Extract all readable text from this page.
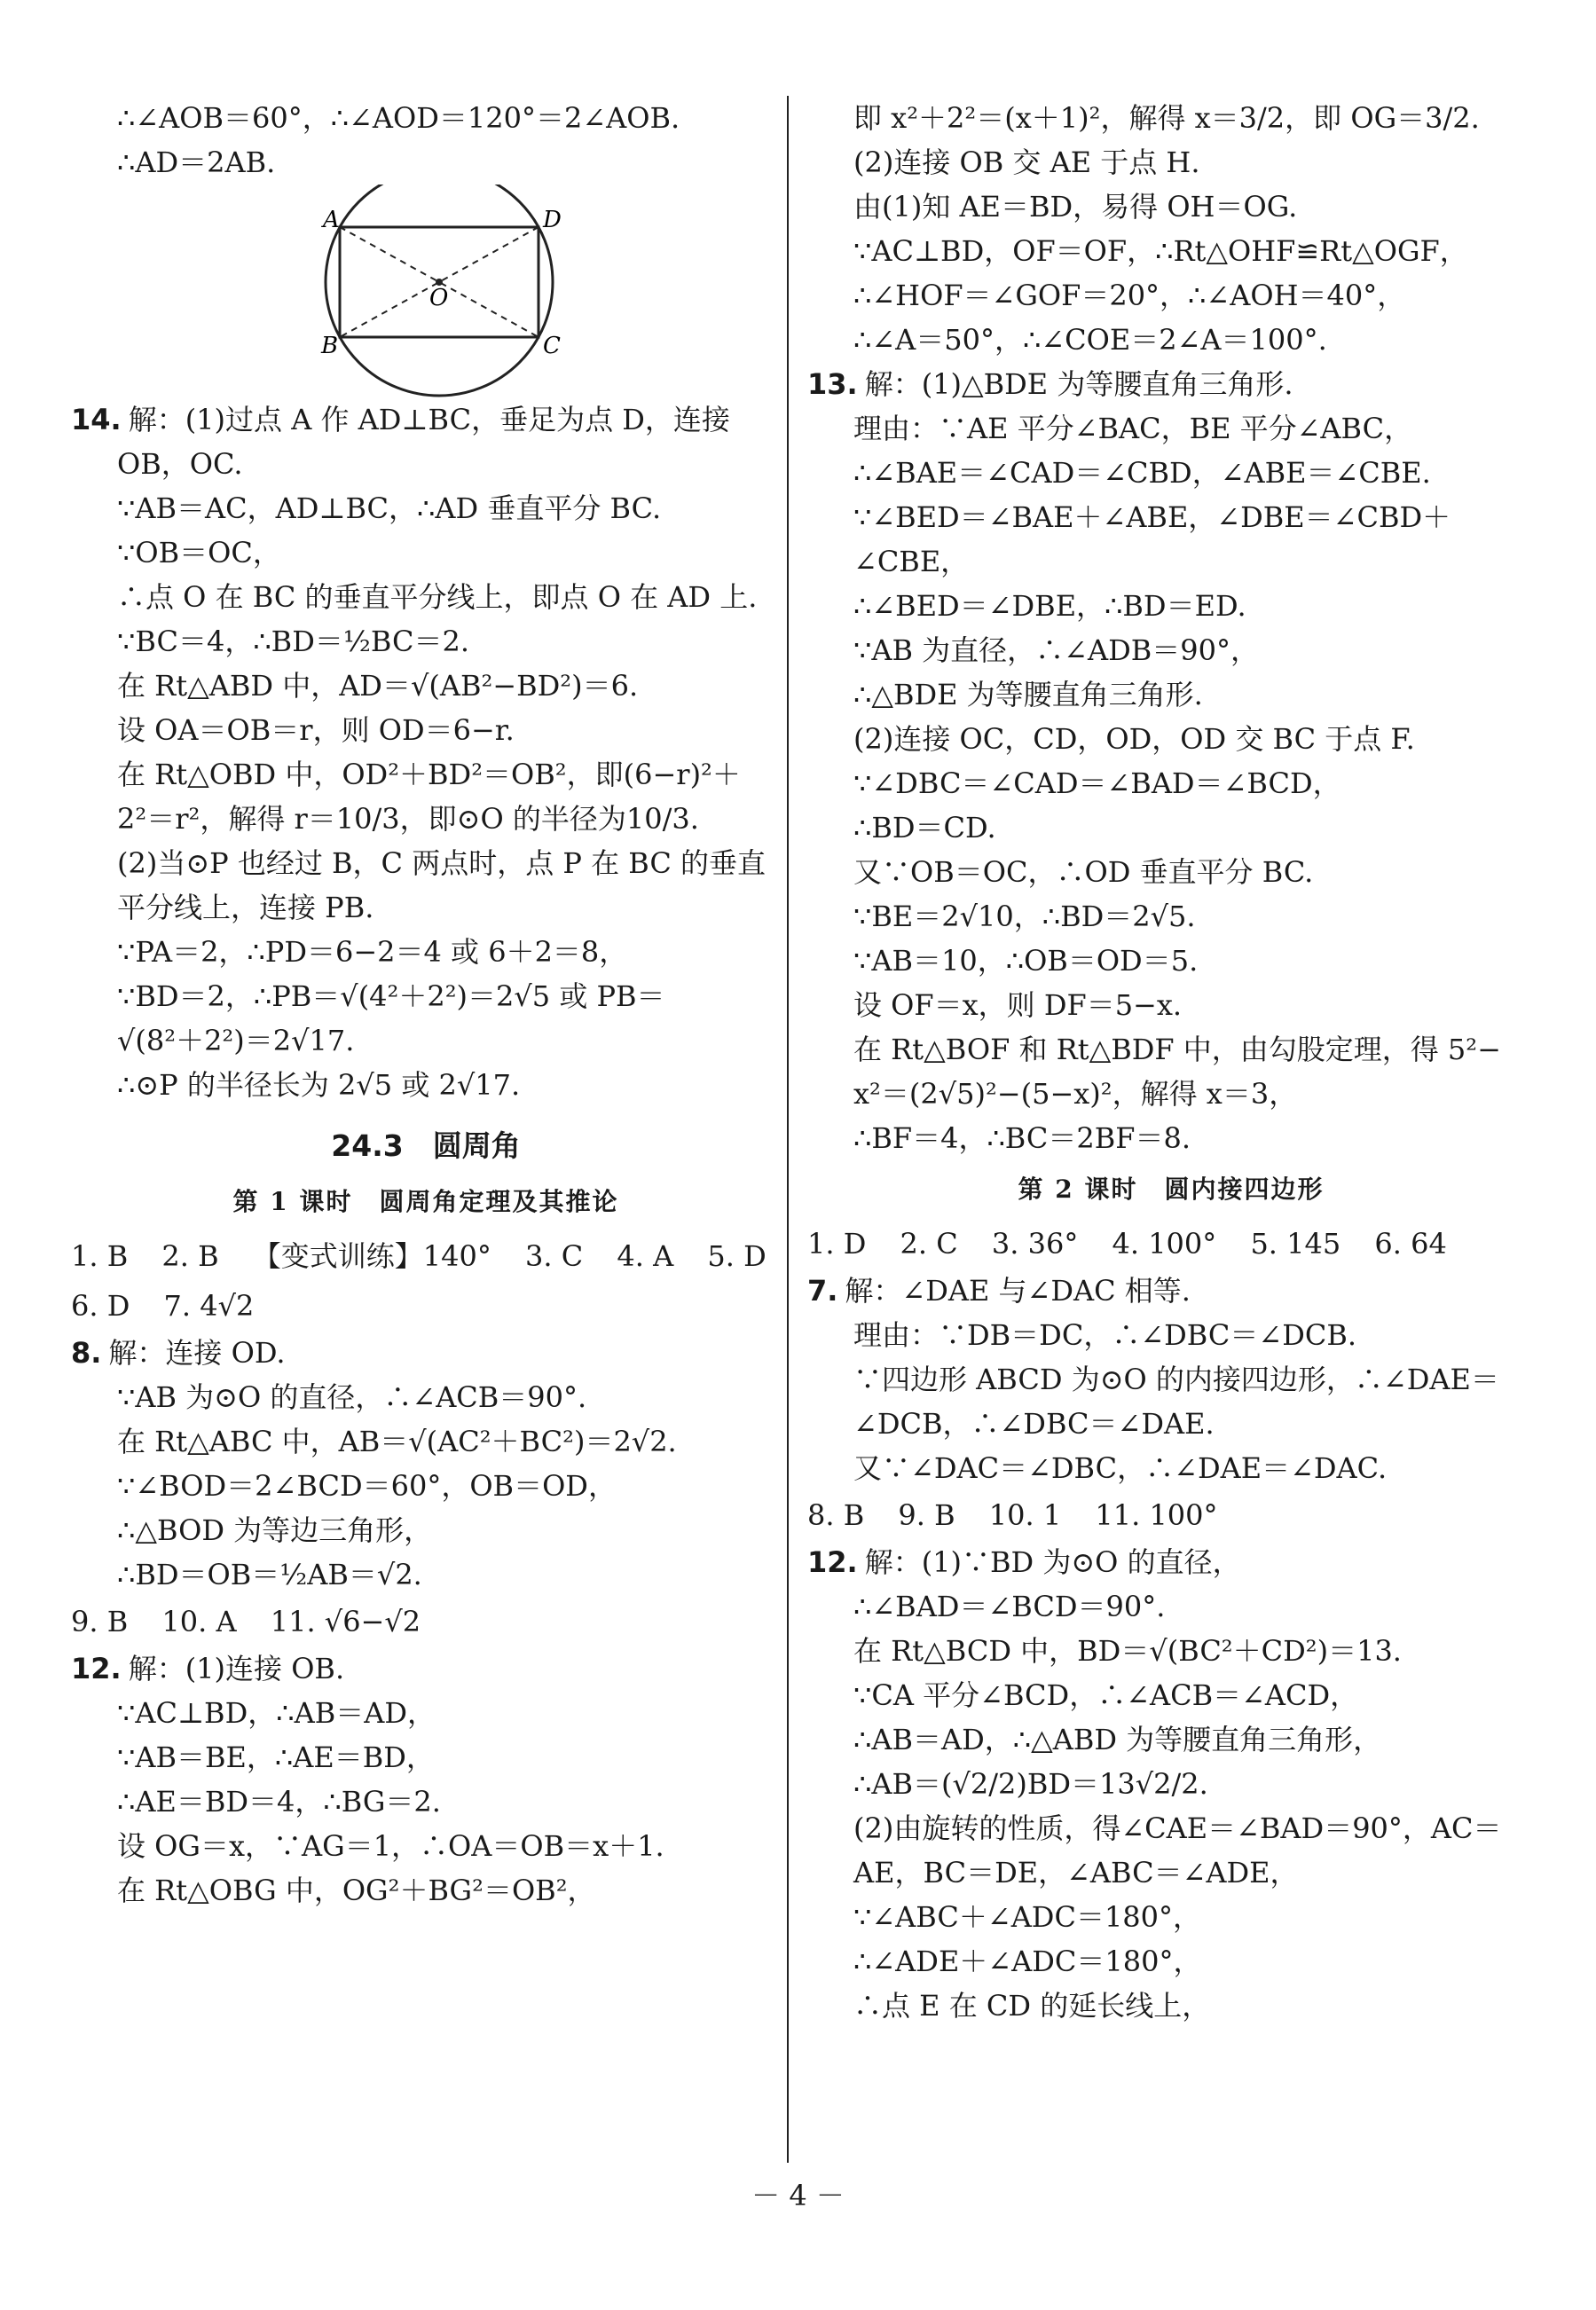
∴∠AOB＝60°，∴∠AOD＝120°＝2∠AOB.
∴AD＝2AB.
A	D
O
B	C
14. 解：(1)过点 A 作 AD⊥BC，垂足为点 D，连接
OB，OC.
∵AB＝AC，AD⊥BC，∴AD 垂直平分 BC.
∵OB＝OC，
∴点 O 在 BC 的垂直平分线上，即点 O 在 AD 上.
∵BC＝4，∴BD＝½BC＝2.
在 Rt△ABD 中，AD＝√(AB²−BD²)＝6.
设 OA＝OB＝r，则 OD＝6−r.
在 Rt△OBD 中，OD²＋BD²＝OB²，即(6−r)²＋
2²＝r²，解得 r＝10/3，即⊙O 的半径为10/3.
(2)当⊙P 也经过 B，C 两点时，点 P 在 BC 的垂直
平分线上，连接 PB.
∵PA＝2，∴PD＝6−2＝4 或 6＋2＝8，
∵BD＝2，∴PB＝√(4²＋2²)＝2√5 或 PB＝
√(8²＋2²)＝2√17.
∴⊙P 的半径长为 2√5 或 2√17.
24.3　圆周角
第 1 课时　圆周角定理及其推论
1. B 2. B 【变式训练】140° 3. C 4. A 5. D
6. D 7. 4√2
8. 解：连接 OD.
∵AB 为⊙O 的直径，∴∠ACB＝90°.
在 Rt△ABC 中，AB＝√(AC²＋BC²)＝2√2.
∵∠BOD＝2∠BCD＝60°，OB＝OD，
∴△BOD 为等边三角形，
∴BD＝OB＝½AB＝√2.
9. B 10. A 11. √6−√2
12. 解：(1)连接 OB.
∵AC⊥BD，∴AB＝AD，
∵AB＝BE，∴AE＝BD，
∴AE＝BD＝4，∴BG＝2.
设 OG＝x，∵AG＝1，∴OA＝OB＝x＋1.
在 Rt△OBG 中，OG²＋BG²＝OB²，
即 x²＋2²＝(x＋1)²，解得 x＝3/2，即 OG＝3/2.
(2)连接 OB 交 AE 于点 H.
由(1)知 AE＝BD，易得 OH＝OG.
∵AC⊥BD，OF＝OF，∴Rt△OHF≌Rt△OGF，
∴∠HOF＝∠GOF＝20°，∴∠AOH＝40°，
∴∠A＝50°，∴∠COE＝2∠A＝100°.
13. 解：(1)△BDE 为等腰直角三角形.
理由：∵AE 平分∠BAC，BE 平分∠ABC，
∴∠BAE＝∠CAD＝∠CBD，∠ABE＝∠CBE.
∵∠BED＝∠BAE＋∠ABE，∠DBE＝∠CBD＋
∠CBE，
∴∠BED＝∠DBE，∴BD＝ED.
∵AB 为直径，∴∠ADB＝90°，
∴△BDE 为等腰直角三角形.
(2)连接 OC，CD，OD，OD 交 BC 于点 F.
∵∠DBC＝∠CAD＝∠BAD＝∠BCD，
∴BD＝CD.
又∵OB＝OC，∴OD 垂直平分 BC.
∵BE＝2√10，∴BD＝2√5.
∵AB＝10，∴OB＝OD＝5.
设 OF＝x，则 DF＝5−x.
在 Rt△BOF 和 Rt△BDF 中，由勾股定理，得 5²−
x²＝(2√5)²−(5−x)²，解得 x＝3，
∴BF＝4，∴BC＝2BF＝8.
第 2 课时　圆内接四边形
1. D 2. C 3. 36° 4. 100° 5. 145 6. 64
7. 解：∠DAE 与∠DAC 相等.
理由：∵DB＝DC，∴∠DBC＝∠DCB.
∵四边形 ABCD 为⊙O 的内接四边形，∴∠DAE＝
∠DCB，∴∠DBC＝∠DAE.
又∵∠DAC＝∠DBC，∴∠DAE＝∠DAC.
8. B 9. B 10. 1 11. 100°
12. 解：(1)∵BD 为⊙O 的直径，
∴∠BAD＝∠BCD＝90°.
在 Rt△BCD 中，BD＝√(BC²＋CD²)＝13.
∵CA 平分∠BCD，∴∠ACB＝∠ACD，
∴AB＝AD，∴△ABD 为等腰直角三角形，
∴AB＝(√2/2)BD＝13√2/2.
(2)由旋转的性质，得∠CAE＝∠BAD＝90°，AC＝
AE，BC＝DE，∠ABC＝∠ADE，
∵∠ABC＋∠ADC＝180°，
∴∠ADE＋∠ADC＝180°，
∴点 E 在 CD 的延长线上，
－ 4 －
